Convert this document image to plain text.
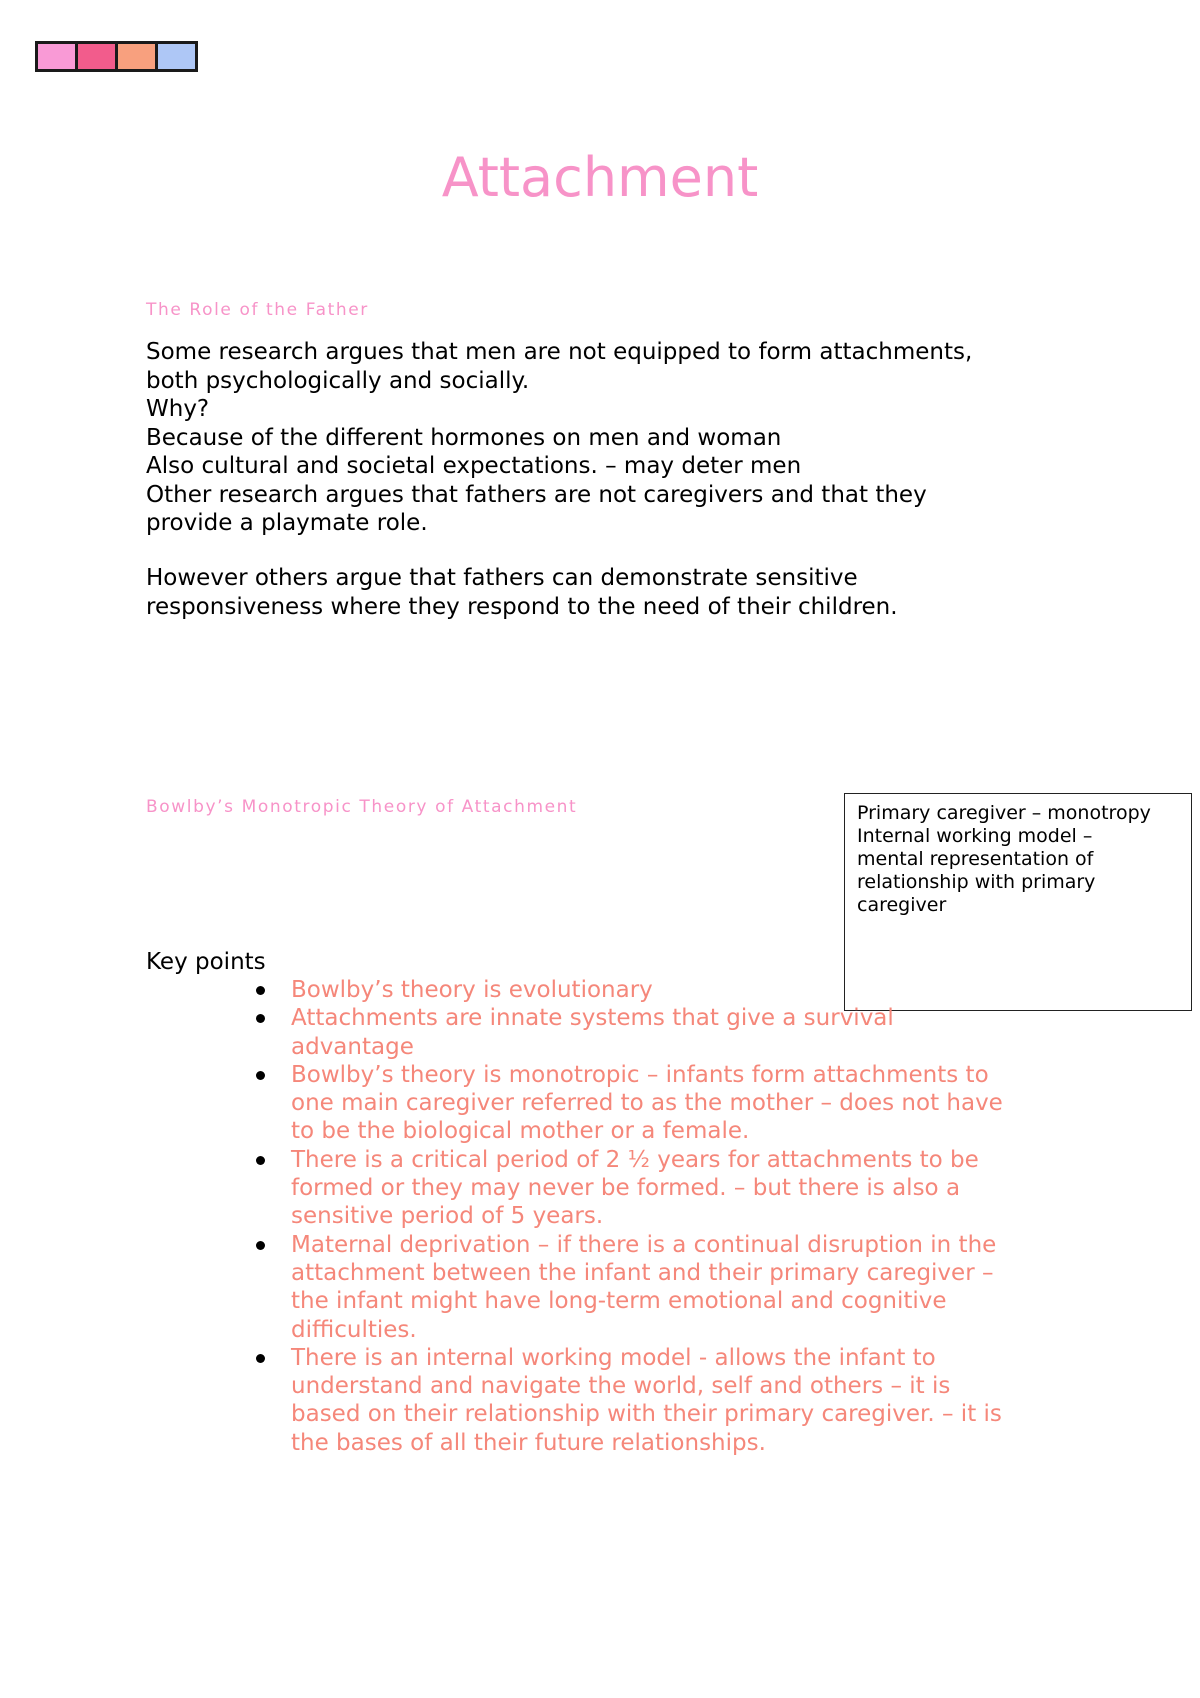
Attachment
The Role of the Father
Some research argues that men are not equipped to form attachments,
both psychologically and socially.
Why?
Because of the different hormones on men and woman
Also cultural and societal expectations. – may deter men
Other research argues that fathers are not caregivers and that they
provide a playmate role.
However others argue that fathers can demonstrate sensitive
responsiveness where they respond to the need of their children.
Bowlby’s Monotropic Theory of Attachment	Primary caregiver – monotropy
Internal working model –
mental representation of
relationship with primary
caregiver
Key points
Bowlby’s theory is evolutionary
Attachments are innate systems that give a survival
advantage
Bowlby’s theory is monotropic – infants form attachments to
one main caregiver referred to as the mother – does not have
to be the biological mother or a female.
There is a critical period of 2 ½ years for attachments to be
formed or they may never be formed. – but there is also a
sensitive period of 5 years.
Maternal deprivation – if there is a continual disruption in the
attachment between the infant and their primary caregiver –
the infant might have long-term emotional and cognitive
difficulties.
There is an internal working model - allows the infant to
understand and navigate the world, self and others – it is
based on their relationship with their primary caregiver. – it is
the bases of all their future relationships.
